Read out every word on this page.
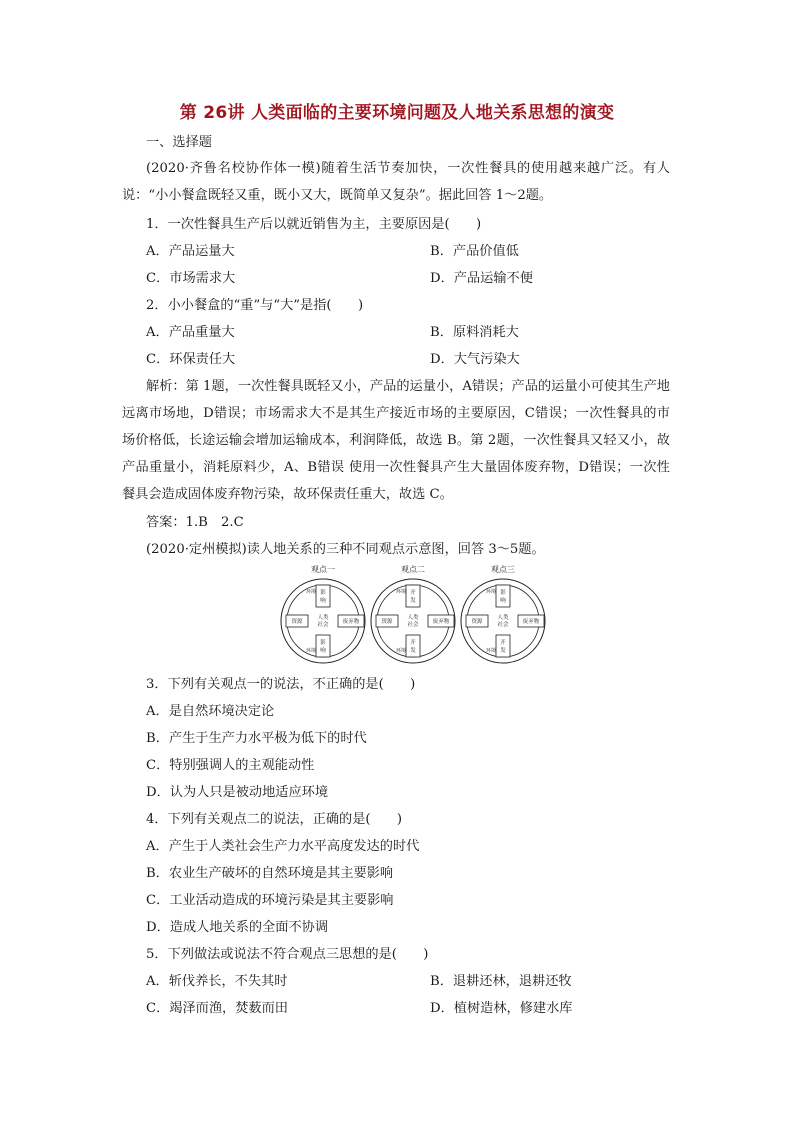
第 26讲 人类面临的主要环境问题及人地关系思想的演变
一、选择题
(2020·齐鲁名校协作体一模)随着生活节奏加快，一次性餐具的使用越来越广泛。有人说：“小小餐盒既轻又重，既小又大，既简单又复杂”。据此回答 1～2题。
1．一次性餐具生产后以就近销售为主，主要原因是(　　)
A．产品运量大	B．产品价值低
C．市场需求大	D．产品运输不便
2．小小餐盒的“重”与“大”是指(　　)
A．产品重量大	B．原料消耗大
C．环保责任大	D．大气污染大
解析：第 1题，一次性餐具既轻又小，产品的运量小，A错误；产品的运量小可使其生产地远离市场地，D错误；市场需求大不是其生产接近市场的主要原因，C错误；一次性餐具的市场价格低，长途运输会增加运输成本，利润降低，故选 B。第 2题，一次性餐具又轻又小，故产品重量小，消耗原料少，A、B错误 使用一次性餐具产生大量固体废弃物，D错误；一次性餐具会造成固体废弃物污染，故环保责任重大，故选 C。
答案：1.B　2.C
(2020·定州模拟)读人地关系的三种不同观点示意图，回答 3～5题。
观点一
影
响
影
响
资源	废弃物
人类
社会
环境
环境
观点二
开
发
开
发
资源	废弃物
人类
社会
环境
环境
观点三
影
响
开
发
资源	废弃物
人类
社会
环境
环境
3．下列有关观点一的说法，不正确的是(　　)
A．是自然环境决定论
B．产生于生产力水平极为低下的时代
C．特别强调人的主观能动性
D．认为人只是被动地适应环境
4．下列有关观点二的说法，正确的是(　　)
A．产生于人类社会生产力水平高度发达的时代
B．农业生产破坏的自然环境是其主要影响
C．工业活动造成的环境污染是其主要影响
D．造成人地关系的全面不协调
5．下列做法或说法不符合观点三思想的是(　　)
A．斩伐养长，不失其时	B．退耕还林，退耕还牧
C．竭泽而渔，焚薮而田	D．植树造林，修建水库
